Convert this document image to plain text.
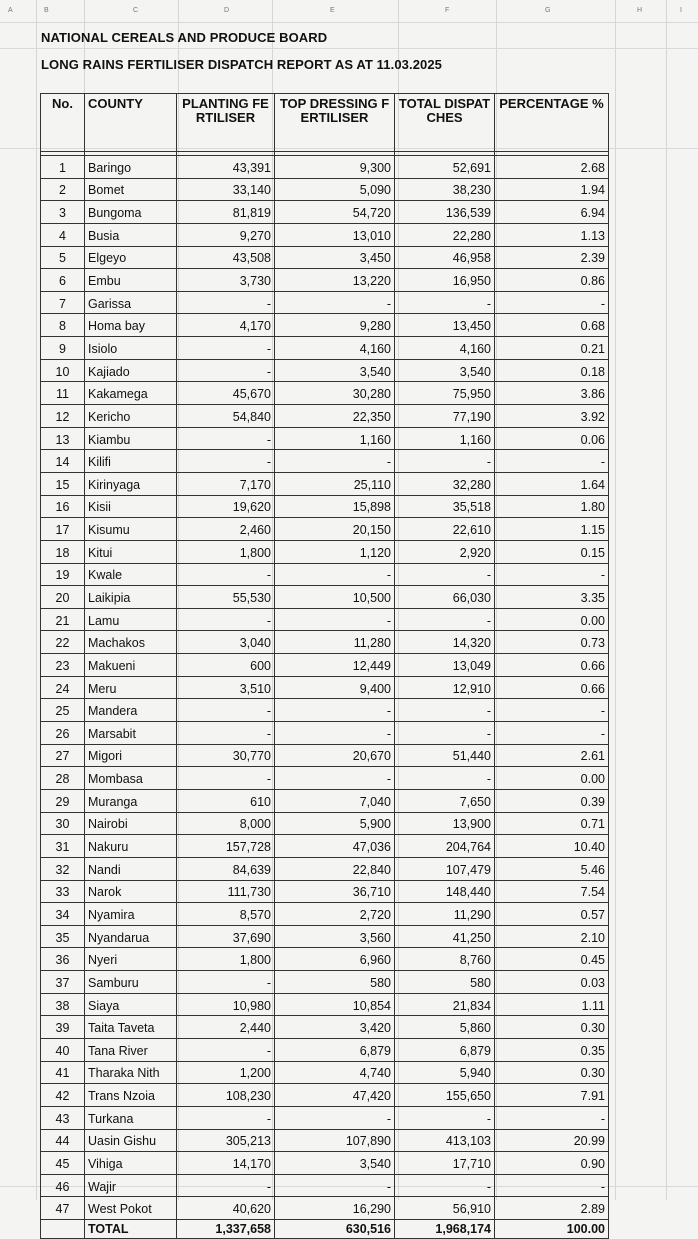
A	B	C	D	E	F	G	H	I
NATIONAL CEREALS AND PRODUCE BOARD
LONG RAINS FERTILISER DISPATCH REPORT AS AT 11.03.2025
No.	COUNTY	PLANTING FERTILISER	TOP DRESSING FERTILISER	TOTAL DISPATCHES	PERCENTAGE %

1	Baringo	43,391	9,300	52,691	2.68
2	Bomet	33,140	5,090	38,230	1.94
3	Bungoma	81,819	54,720	136,539	6.94
4	Busia	9,270	13,010	22,280	1.13
5	Elgeyo	43,508	3,450	46,958	2.39
6	Embu	3,730	13,220	16,950	0.86
7	Garissa	-	-	-	-
8	Homa bay	4,170	9,280	13,450	0.68
9	Isiolo	-	4,160	4,160	0.21
10	Kajiado	-	3,540	3,540	0.18
11	Kakamega	45,670	30,280	75,950	3.86
12	Kericho	54,840	22,350	77,190	3.92
13	Kiambu	-	1,160	1,160	0.06
14	Kilifi	-	-	-	-
15	Kirinyaga	7,170	25,110	32,280	1.64
16	Kisii	19,620	15,898	35,518	1.80
17	Kisumu	2,460	20,150	22,610	1.15
18	Kitui	1,800	1,120	2,920	0.15
19	Kwale	-	-	-	-
20	Laikipia	55,530	10,500	66,030	3.35
21	Lamu	-	-	-	0.00
22	Machakos	3,040	11,280	14,320	0.73
23	Makueni	600	12,449	13,049	0.66
24	Meru	3,510	9,400	12,910	0.66
25	Mandera	-	-	-	-
26	Marsabit	-	-	-	-
27	Migori	30,770	20,670	51,440	2.61
28	Mombasa	-	-	-	0.00
29	Muranga	610	7,040	7,650	0.39
30	Nairobi	8,000	5,900	13,900	0.71
31	Nakuru	157,728	47,036	204,764	10.40
32	Nandi	84,639	22,840	107,479	5.46
33	Narok	111,730	36,710	148,440	7.54
34	Nyamira	8,570	2,720	11,290	0.57
35	Nyandarua	37,690	3,560	41,250	2.10
36	Nyeri	1,800	6,960	8,760	0.45
37	Samburu	-	580	580	0.03
38	Siaya	10,980	10,854	21,834	1.11
39	Taita Taveta	2,440	3,420	5,860	0.30
40	Tana River	-	6,879	6,879	0.35
41	Tharaka Nith	1,200	4,740	5,940	0.30
42	Trans Nzoia	108,230	47,420	155,650	7.91
43	Turkana	-	-	-	-
44	Uasin Gishu	305,213	107,890	413,103	20.99
45	Vihiga	14,170	3,540	17,710	0.90
46	Wajir	-	-	-	-
47	West Pokot	40,620	16,290	56,910	2.89
	TOTAL	1,337,658	630,516	1,968,174	100.00
